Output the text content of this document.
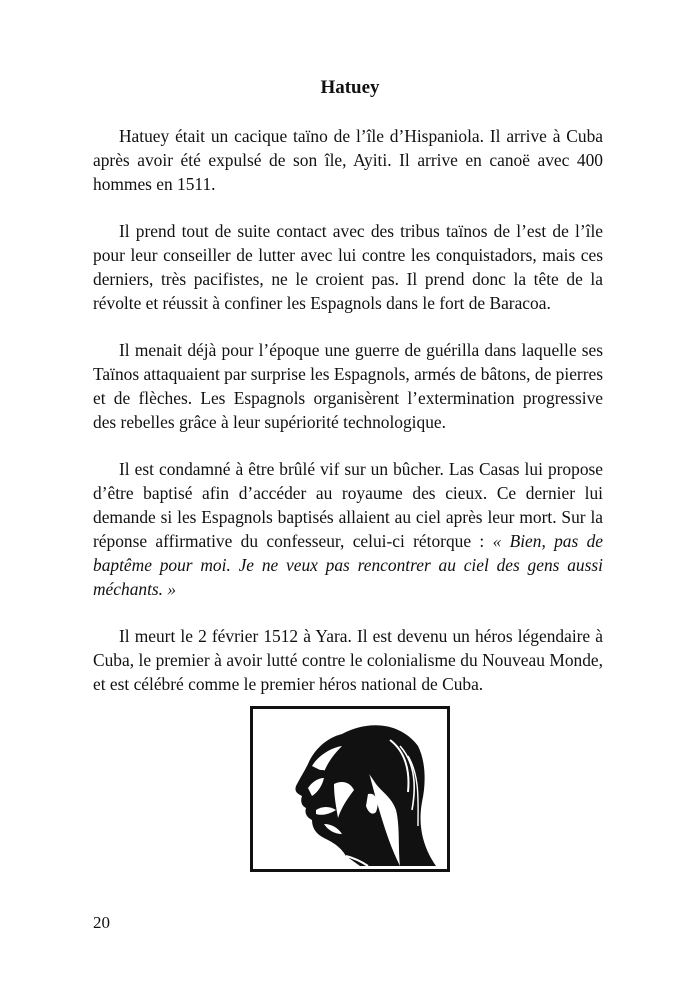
Hatuey

Hatuey était un cacique taïno de l’île d’Hispaniola. Il arrive à Cuba après avoir été expulsé de son île, Ayiti. Il arrive en canoë avec 400 hommes en 1511.

Il prend tout de suite contact avec des tribus taïnos de l’est de l’île pour leur conseiller de lutter avec lui contre les conquistadors, mais ces derniers, très pacifistes, ne le croient pas. Il prend donc la tête de la révolte et réussit à confiner les Espagnols dans le fort de Baracoa.

Il menait déjà pour l’époque une guerre de guérilla dans laquelle ses Taïnos attaquaient par surprise les Espagnols, armés de bâtons, de pierres et de flèches. Les Espagnols organisèrent l’extermination progressive des rebelles grâce à leur supériorité technologique.

Il est condamné à être brûlé vif sur un bûcher. Las Casas lui propose d’être baptisé afin d’accéder au royaume des cieux. Ce dernier lui demande si les Espagnols baptisés allaient au ciel après leur mort. Sur la réponse affirmative du confesseur, celui-ci rétorque : « Bien, pas de baptême pour moi. Je ne veux pas rencontrer au ciel des gens aussi méchants. »

Il meurt le 2 février 1512 à Yara. Il est devenu un héros légendaire à Cuba, le premier à avoir lutté contre le colonialisme du Nouveau Monde, et est célébré comme le premier héros national de Cuba.

20
